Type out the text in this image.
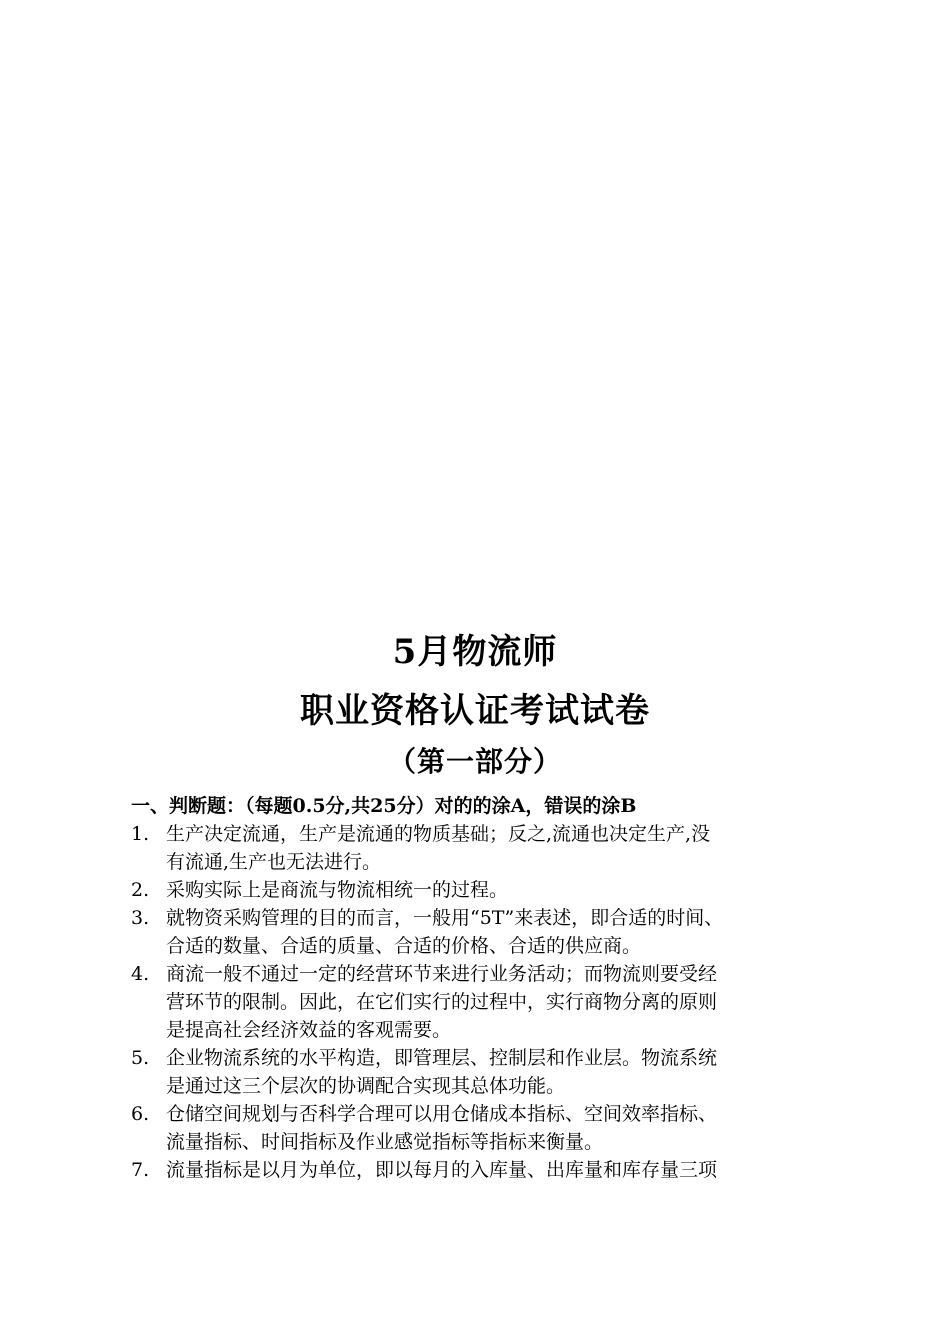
5月物流师
职业资格认证考试试卷
（第一部分）
一、判断题：（每题0.5分,共25分）对的的涂A，错误的涂B
1. 生产决定流通，生产是流通的物质基础；反之,流通也决定生产,没
有流通,生产也无法进行。
2. 采购实际上是商流与物流相统一的过程。
3. 就物资采购管理的目的而言，一般用“5T”来表述，即合适的时间、
合适的数量、合适的质量、合适的价格、合适的供应商。
4. 商流一般不通过一定的经营环节来进行业务活动；而物流则要受经
营环节的限制。因此，在它们实行的过程中，实行商物分离的原则
是提高社会经济效益的客观需要。
5. 企业物流系统的水平构造，即管理层、控制层和作业层。物流系统
是通过这三个层次的协调配合实现其总体功能。
6. 仓储空间规划与否科学合理可以用仓储成本指标、空间效率指标、
流量指标、时间指标及作业感觉指标等指标来衡量。
7. 流量指标是以月为单位，即以每月的入库量、出库量和库存量三项
